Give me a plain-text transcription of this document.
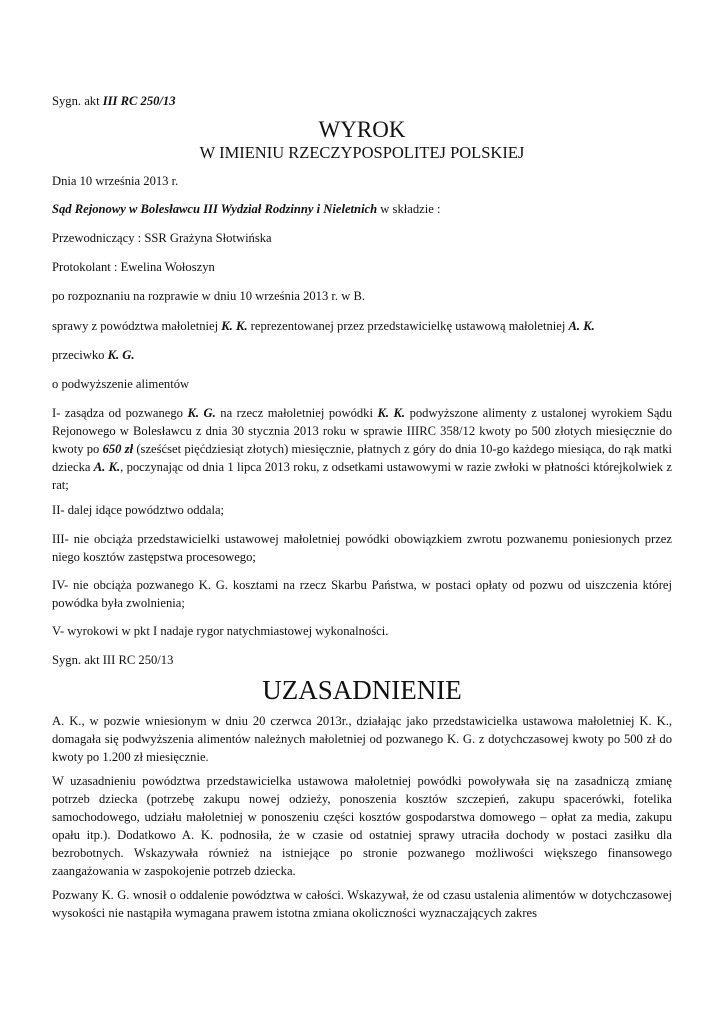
Sygn. akt III RC 250/13

WYROK
W IMIENIU RZECZYPOSPOLITEJ POLSKIEJ

Dnia 10 września 2013 r.

Sąd Rejonowy w Bolesławcu III Wydział Rodzinny i Nieletnich w składzie :

Przewodniczący : SSR Grażyna Słotwińska

Protokolant : Ewelina Wołoszyn

po rozpoznaniu na rozprawie w dniu 10 września 2013 r. w B.

sprawy z powództwa małoletniej K. K. reprezentowanej przez przedstawicielkę ustawową małoletniej A. K.

przeciwko K. G.

o podwyższenie alimentów

I- zasądza od pozwanego K. G. na rzecz małoletniej powódki K. K. podwyższone alimenty z ustalonej wyrokiem Sądu Rejonowego w Bolesławcu z dnia 30 stycznia 2013 roku w sprawie IIIRC 358/12 kwoty po 500 złotych miesięcznie do kwoty po 650 zł (sześćset pięćdziesiąt złotych) miesięcznie, płatnych z góry do dnia 10-go każdego miesiąca, do rąk matki dziecka A. K., poczynając od dnia 1 lipca 2013 roku, z odsetkami ustawowymi w razie zwłoki w płatności którejkolwiek z rat;

II- dalej idące powództwo oddala;

III- nie obciąża przedstawicielki ustawowej małoletniej powódki obowiązkiem zwrotu pozwanemu poniesionych przez niego kosztów zastępstwa procesowego;

IV- nie obciąża pozwanego K. G. kosztami na rzecz Skarbu Państwa, w postaci opłaty od pozwu od uiszczenia której powódka była zwolnienia;

V- wyrokowi w pkt I nadaje rygor natychmiastowej wykonalności.

Sygn. akt III RC 250/13

UZASADNIENIE

A. K., w pozwie wniesionym w dniu 20 czerwca 2013r., działając jako przedstawicielka ustawowa małoletniej K. K., domagała się podwyższenia alimentów należnych małoletniej od pozwanego K. G. z dotychczasowej kwoty po 500 zł do kwoty po 1.200 zł miesięcznie.

W uzasadnieniu powództwa przedstawicielka ustawowa małoletniej powódki powoływała się na zasadniczą zmianę potrzeb dziecka (potrzebę zakupu nowej odzieży, ponoszenia kosztów szczepień, zakupu spacerówki, fotelika samochodowego, udziału małoletniej w ponoszeniu części kosztów gospodarstwa domowego – opłat za media, zakupu opału itp.). Dodatkowo A. K. podnosiła, że w czasie od ostatniej sprawy utraciła dochody w postaci zasiłku dla bezrobotnych. Wskazywała również na istniejące po stronie pozwanego możliwości większego finansowego zaangażowania w zaspokojenie potrzeb dziecka.

Pozwany K. G. wnosił o oddalenie powództwa w całości. Wskazywał, że od czasu ustalenia alimentów w dotychczasowej wysokości nie nastąpiła wymagana prawem istotna zmiana okoliczności wyznaczających zakres
